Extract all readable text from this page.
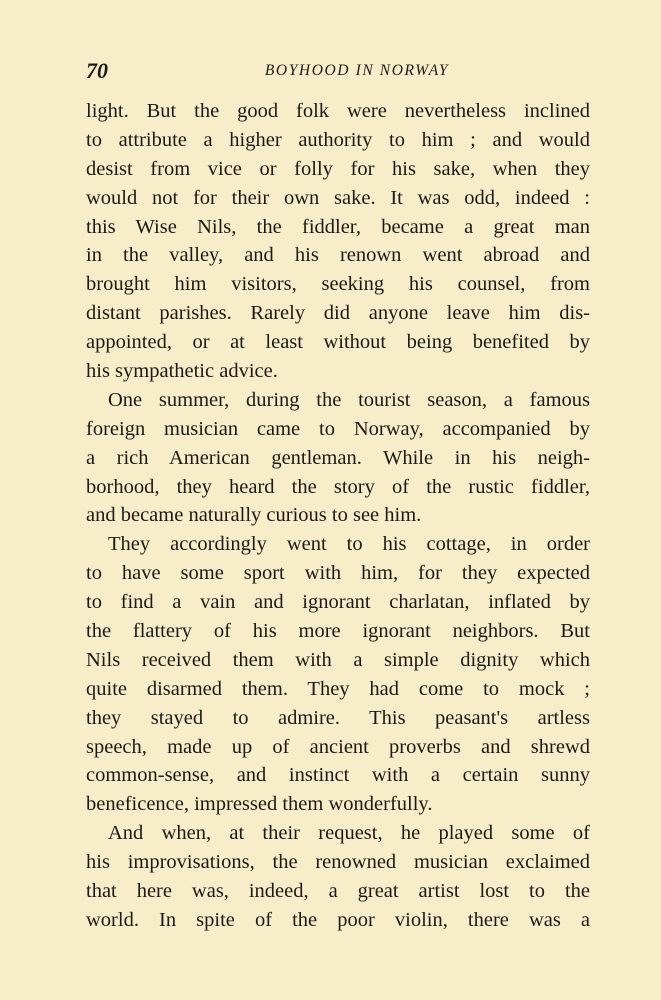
70	BOYHOOD IN NORWAY
light. But the good folk were nevertheless inclined
to attribute a higher authority to him ; and would
desist from vice or folly for his sake, when they
would not for their own sake. It was odd, indeed :
this Wise Nils, the fiddler, became a great man
in the valley, and his renown went abroad and
brought him visitors, seeking his counsel, from
distant parishes. Rarely did anyone leave him dis-
appointed, or at least without being benefited by
his sympathetic advice.
One summer, during the tourist season, a famous
foreign musician came to Norway, accompanied by
a rich American gentleman. While in his neigh-
borhood, they heard the story of the rustic fiddler,
and became naturally curious to see him.
They accordingly went to his cottage, in order
to have some sport with him, for they expected
to find a vain and ignorant charlatan, inflated by
the flattery of his more ignorant neighbors. But
Nils received them with a simple dignity which
quite disarmed them. They had come to mock ;
they stayed to admire. This peasant's artless
speech, made up of ancient proverbs and shrewd
common-sense, and instinct with a certain sunny
beneficence, impressed them wonderfully.
And when, at their request, he played some of
his improvisations, the renowned musician exclaimed
that here was, indeed, a great artist lost to the
world. In spite of the poor violin, there was a
